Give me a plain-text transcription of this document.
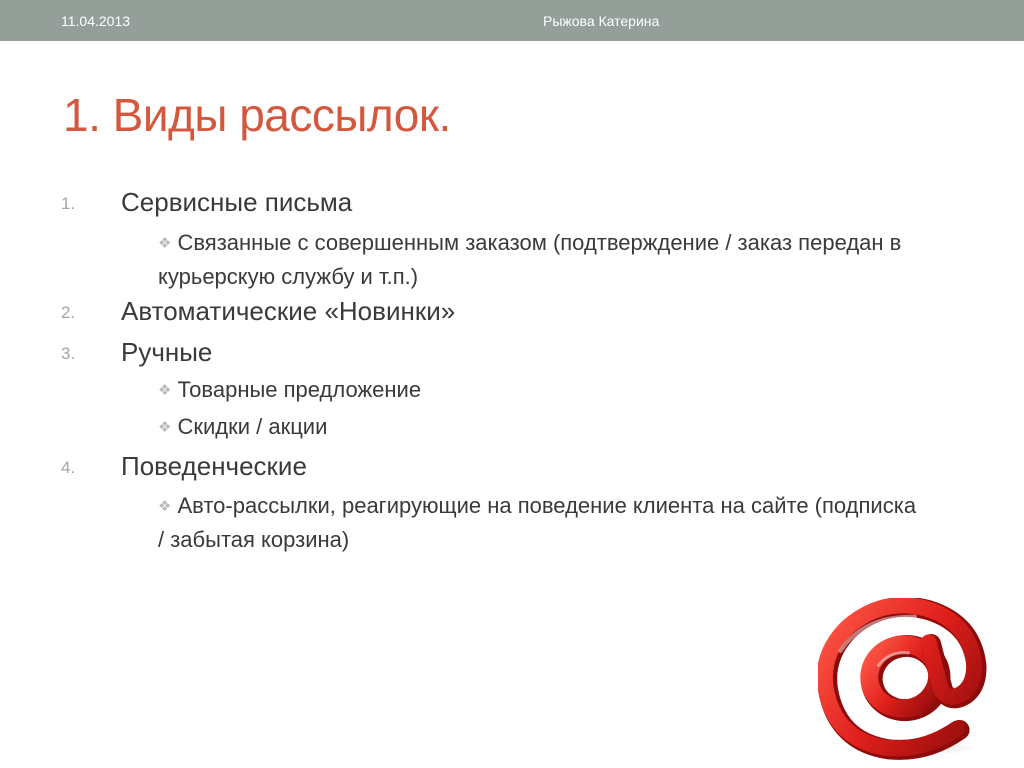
11.04.2013	Рыжова Катерина
1. Виды рассылок.
1. Сервисные письма
❖ Связанные с совершенным заказом (подтверждение / заказ передан в курьерскую службу и т.п.)
2. Автоматические «Новинки»
3. Ручные
❖ Товарные предложение
❖ Скидки / акции
4. Поведенческие
❖ Авто-рассылки, реагирующие на поведение клиента на сайте (подписка / забытая корзина)
